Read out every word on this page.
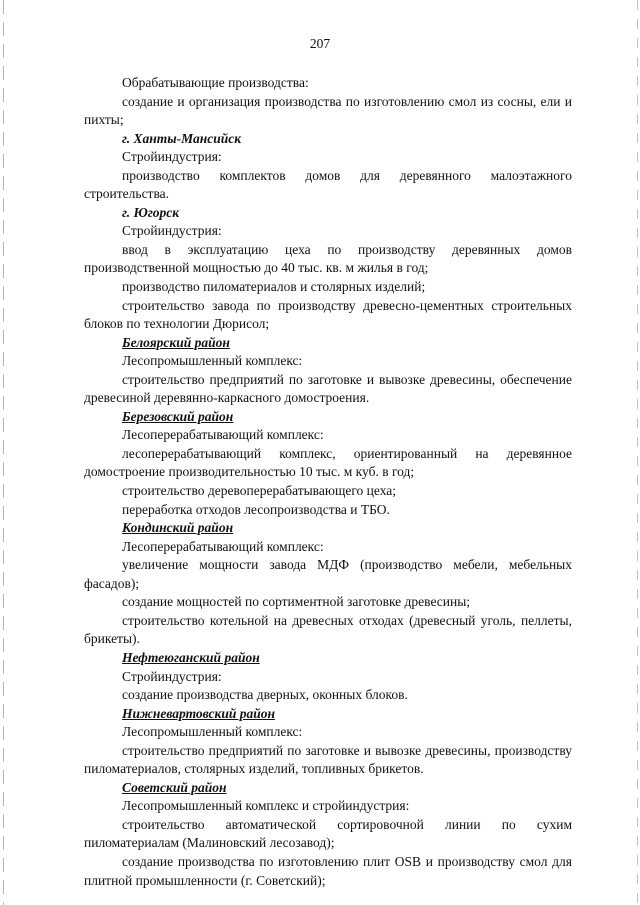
207

Обрабатывающие производства:

создание и организация производства по изготовлению смол из сосны, ели и пихты;

г. Ханты-Мансийск

Стройиндустрия:

производство комплектов домов для деревянного малоэтажного строительства.

г. Югорск

Стройиндустрия:

ввод в эксплуатацию цеха по производству деревянных домов производственной мощностью до 40 тыс. кв. м жилья в год;

производство пиломатериалов и столярных изделий;

строительство завода по производству древесно-цементных строительных блоков по технологии Дюрисол;

Белоярский район

Лесопромышленный комплекс:

строительство предприятий по заготовке и вывозке древесины, обеспечение древесиной деревянно-каркасного домостроения.

Березовский район

Лесоперерабатывающий комплекс:

лесоперерабатывающий комплекс, ориентированный на деревянное домостроение производительностью 10 тыс. м куб. в год;

строительство деревоперерабатывающего цеха;

переработка отходов лесопроизводства и ТБО.

Кондинский район

Лесоперерабатывающий комплекс:

увеличение мощности завода МДФ (производство мебели, мебельных фасадов);

создание мощностей по сортиментной заготовке древесины;

строительство котельной на древесных отходах (древесный уголь, пеллеты, брикеты).

Нефтеюганский район

Стройиндустрия:

создание производства дверных, оконных блоков.

Нижневартовский район

Лесопромышленный комплекс:

строительство предприятий по заготовке и вывозке древесины, производству пиломатериалов, столярных изделий, топливных брикетов.

Советский район

Лесопромышленный комплекс и стройиндустрия:

строительство автоматической сортировочной линии по сухим пиломатериалам (Малиновский лесозавод);

создание производства по изготовлению плит OSB и производству смол для плитной промышленности (г. Советский);
